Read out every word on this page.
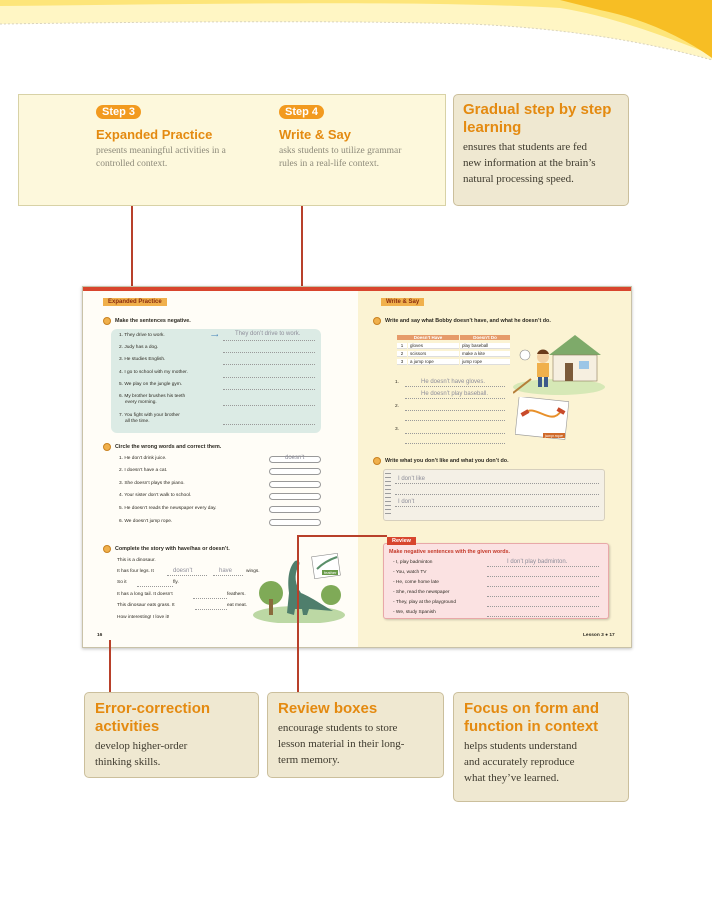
Step 3
Expanded Practice
presents meaningful activities in a
controlled context.
Step 4
Write & Say
asks students to utilize grammar
rules in a real-life context.
Gradual step by step
learning
ensures that students are fed
new information at the brain’s
natural processing speed.
Expanded Practice
Make the sentences negative.
1. They drive to work.
2. Judy has a dog.
3. He studies English.
4. I go to school with my mother.
5. We play on the jungle gym.
6. My brother brushes his teeth
every morning.
7. You fight with your brother
all the time.
They don’t drive to work.
⟶
Circle the wrong words and correct them.
1. He don’t drink juice.
2. I doesn’t have a cat.
3. She doesn’t plays the piano.
4. Your sister don’t walk to school.
5. He doesn’t reads the newspaper every day.
6. We doesn’t jump rope.
doesn’t
Complete the story with have/has or doesn’t.
This is a dinosaur.
It has four legs. It	doesn’t	have	wings.
So it	fly.
It has a long tail. It doesn’t	feathers.
This dinosaur eats grass. It	eat meat.
How interesting! I love it!
feather
16
Write & Say
Write and say what Bobby doesn’t have, and what he doesn’t do.
Doesn’t Have	Doesn’t Do
1	gloves	play baseball
2	scissors	make a kite
3	a jump rope	jump rope
1.	He doesn’t have gloves.
He doesn’t play baseball.
2.
3.
jump rope
Write what you don’t like and what you don’t do.
I don’t like
I don’t
Review
Make negative sentences with the given words.
- I, play badminton
- You, watch TV
- He, come home late
- She, read the newspaper
- They, play at the playground
- We, study Spanish
I don’t play badminton.
Lesson 3 ● 17
Error-correction
activities
develop higher-order
thinking skills.
Review boxes
encourage students to store
lesson material in their long-
term memory.
Focus on form and
function in context
helps students understand
and accurately reproduce
what they’ve learned.
